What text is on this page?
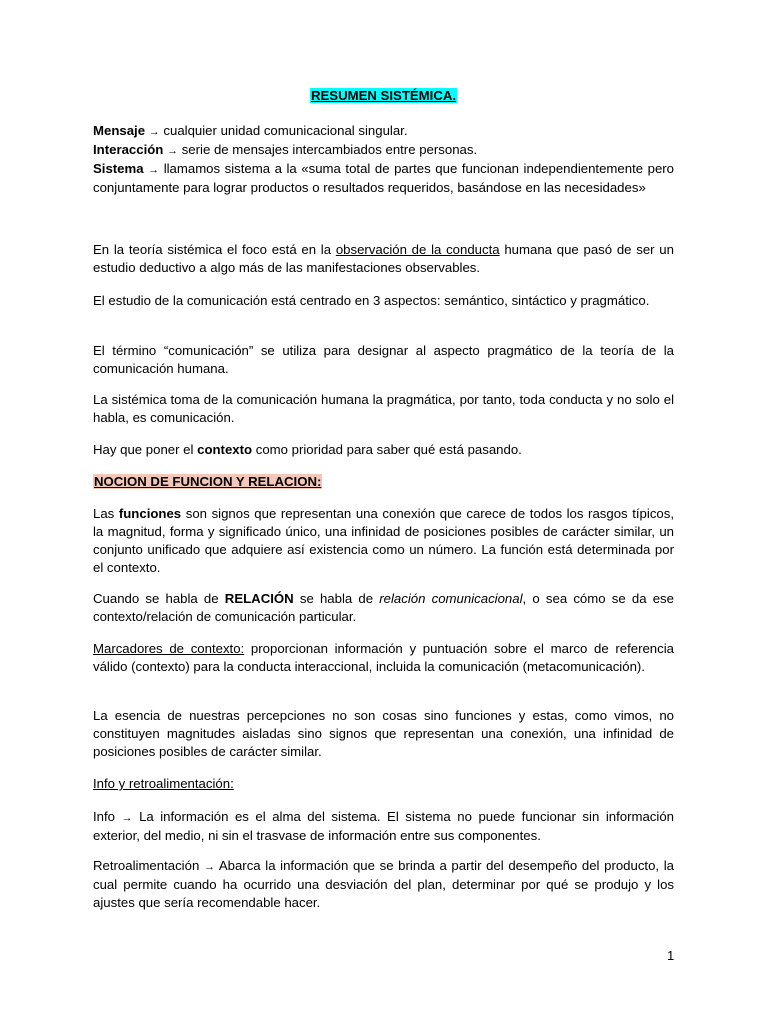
RESUMEN SISTÉMICA.

Mensaje → cualquier unidad comunicacional singular.

Interacción → serie de mensajes intercambiados entre personas.

Sistema → llamamos sistema a la «suma total de partes que funcionan independientemente pero conjuntamente para lograr productos o resultados requeridos, basándose en las necesidades»

En la teoría sistémica el foco está en la observación de la conducta humana que pasó de ser un estudio deductivo a algo más de las manifestaciones observables.

El estudio de la comunicación está centrado en 3 aspectos: semántico, sintáctico y pragmático.

El término “comunicación” se utiliza para designar al aspecto pragmático de la teoría de la comunicación humana.

La sistémica toma de la comunicación humana la pragmática, por tanto, toda conducta y no solo el habla, es comunicación.

Hay que poner el contexto como prioridad para saber qué está pasando.

NOCION DE FUNCION Y RELACION:

Las funciones son signos que representan una conexión que carece de todos los rasgos típicos, la magnitud, forma y significado único, una infinidad de posiciones posibles de carácter similar, un conjunto unificado que adquiere así existencia como un número. La función está determinada por el contexto.

Cuando se habla de RELACIÓN se habla de relación comunicacional, o sea cómo se da ese contexto/relación de comunicación particular.

Marcadores de contexto: proporcionan información y puntuación sobre el marco de referencia válido (contexto) para la conducta interaccional, incluida la comunicación (metacomunicación).

La esencia de nuestras percepciones no son cosas sino funciones y estas, como vimos, no constituyen magnitudes aisladas sino signos que representan una conexión, una infinidad de posiciones posibles de carácter similar.

Info y retroalimentación:

Info → La información es el alma del sistema. El sistema no puede funcionar sin información exterior, del medio, ni sin el trasvase de información entre sus componentes.

Retroalimentación → Abarca la información que se brinda a partir del desempeño del producto, la cual permite cuando ha ocurrido una desviación del plan, determinar por qué se produjo y los ajustes que sería recomendable hacer.

1
